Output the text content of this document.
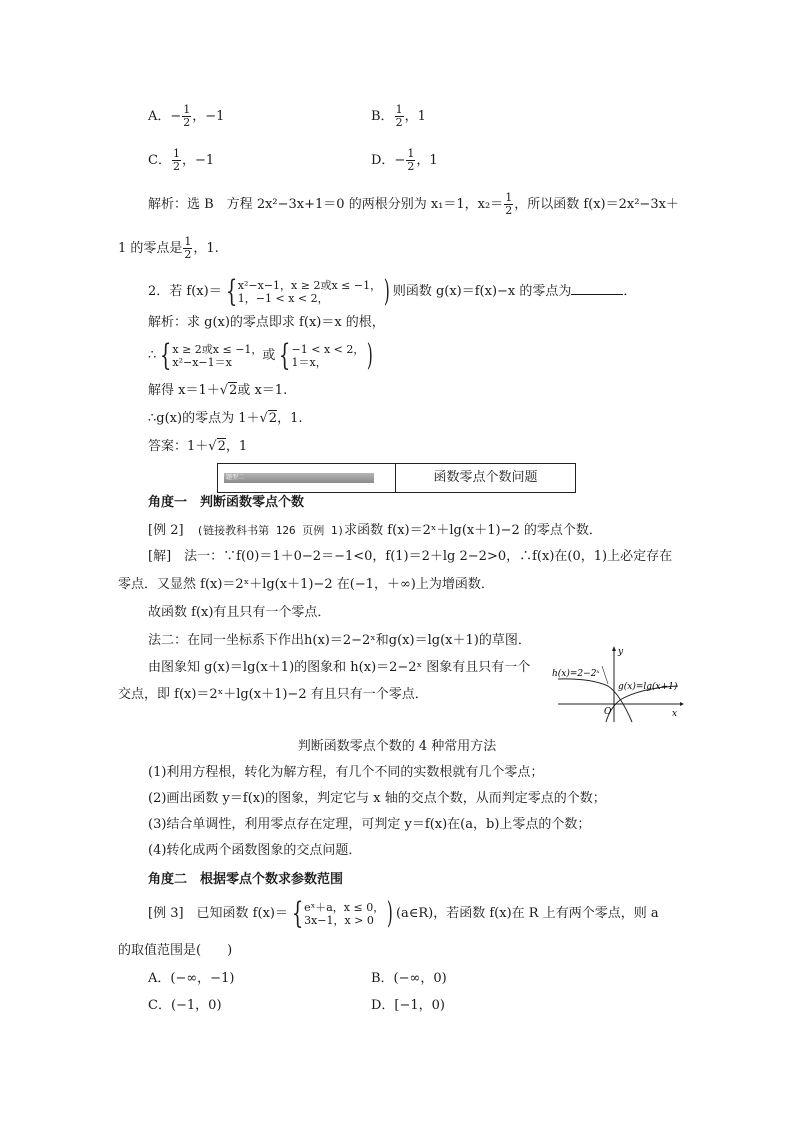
A．− $\frac{1}{2}$ ，−1	B． $\frac{1}{2}$ ，1
C． $\frac{1}{2}$ ，−1	D．− $\frac{1}{2}$ ，1
解析：选 B　方程 2x²−3x+1＝0 的两根分别为 x₁＝1，$x_2= \frac{1}{2}$ ，所以函数 f(x)＝2x²−3x＋
1 的零点是 $\frac{1}{2}$ ，1.
2．若 f(x)＝ { x²−x−1，x ≥ 2或x ≤ −1，
1，−1 < x < 2，	) 则函数 g(x)＝f(x)−x 的零点为	．
解析：求 g(x)的零点即求 f(x)＝x 的根，
∴ { x ≥ 2或x ≤ −1，
x²−x−1＝x	或 { −1 < x < 2，
1＝x，	)
解得 x＝1＋√2或 x＝1.
∴g(x)的零点为 1＋√2，1.
答案：1＋√2，1
题型二	函数零点个数问题
角度一　判断函数零点个数
[例 2]　(链接教科书第 126 页例 1)求函数 f(x)＝2ˣ＋lg(x＋1)−2 的零点个数．
[解]　法一：∵f(0)＝1＋0−2＝−1<0，f(1)＝2＋lg 2−2>0，∴f(x)在(0，1)上必定存在
零点．又显然 f(x)＝2ˣ＋lg(x＋1)−2 在(−1，＋∞)上为增函数．
故函数 f(x)有且只有一个零点．
法二：在同一坐标系下作出h(x)＝2−2ˣ和g(x)＝lg(x＋1)的草图．
由图象知 g(x)＝lg(x＋1)的图象和 h(x)＝2−2ˣ 图象有且只有一个
交点，即 f(x)＝2ˣ＋lg(x＋1)−2 有且只有一个零点．
h(x)=2−2ˣ
g(x)=lg(x+1)
y
x
O
判断函数零点个数的 4 种常用方法
(1)利用方程根，转化为解方程，有几个不同的实数根就有几个零点；
(2)画出函数 y＝f(x)的图象，判定它与 x 轴的交点个数，从而判定零点的个数；
(3)结合单调性，利用零点存在定理，可判定 y＝f(x)在(a，b)上零点的个数；
(4)转化成两个函数图象的交点问题．
角度二　根据零点个数求参数范围
[例 3]　已知函数 f(x)＝ { eˣ＋a，x ≤ 0，
3x−1，x > 0 ) (a∈R)，若函数 f(x)在 R 上有两个零点，则 a
的取值范围是(　　)
A．(−∞，−1)	B．(−∞，0)
C．(−1，0)	D．[−1，0)
